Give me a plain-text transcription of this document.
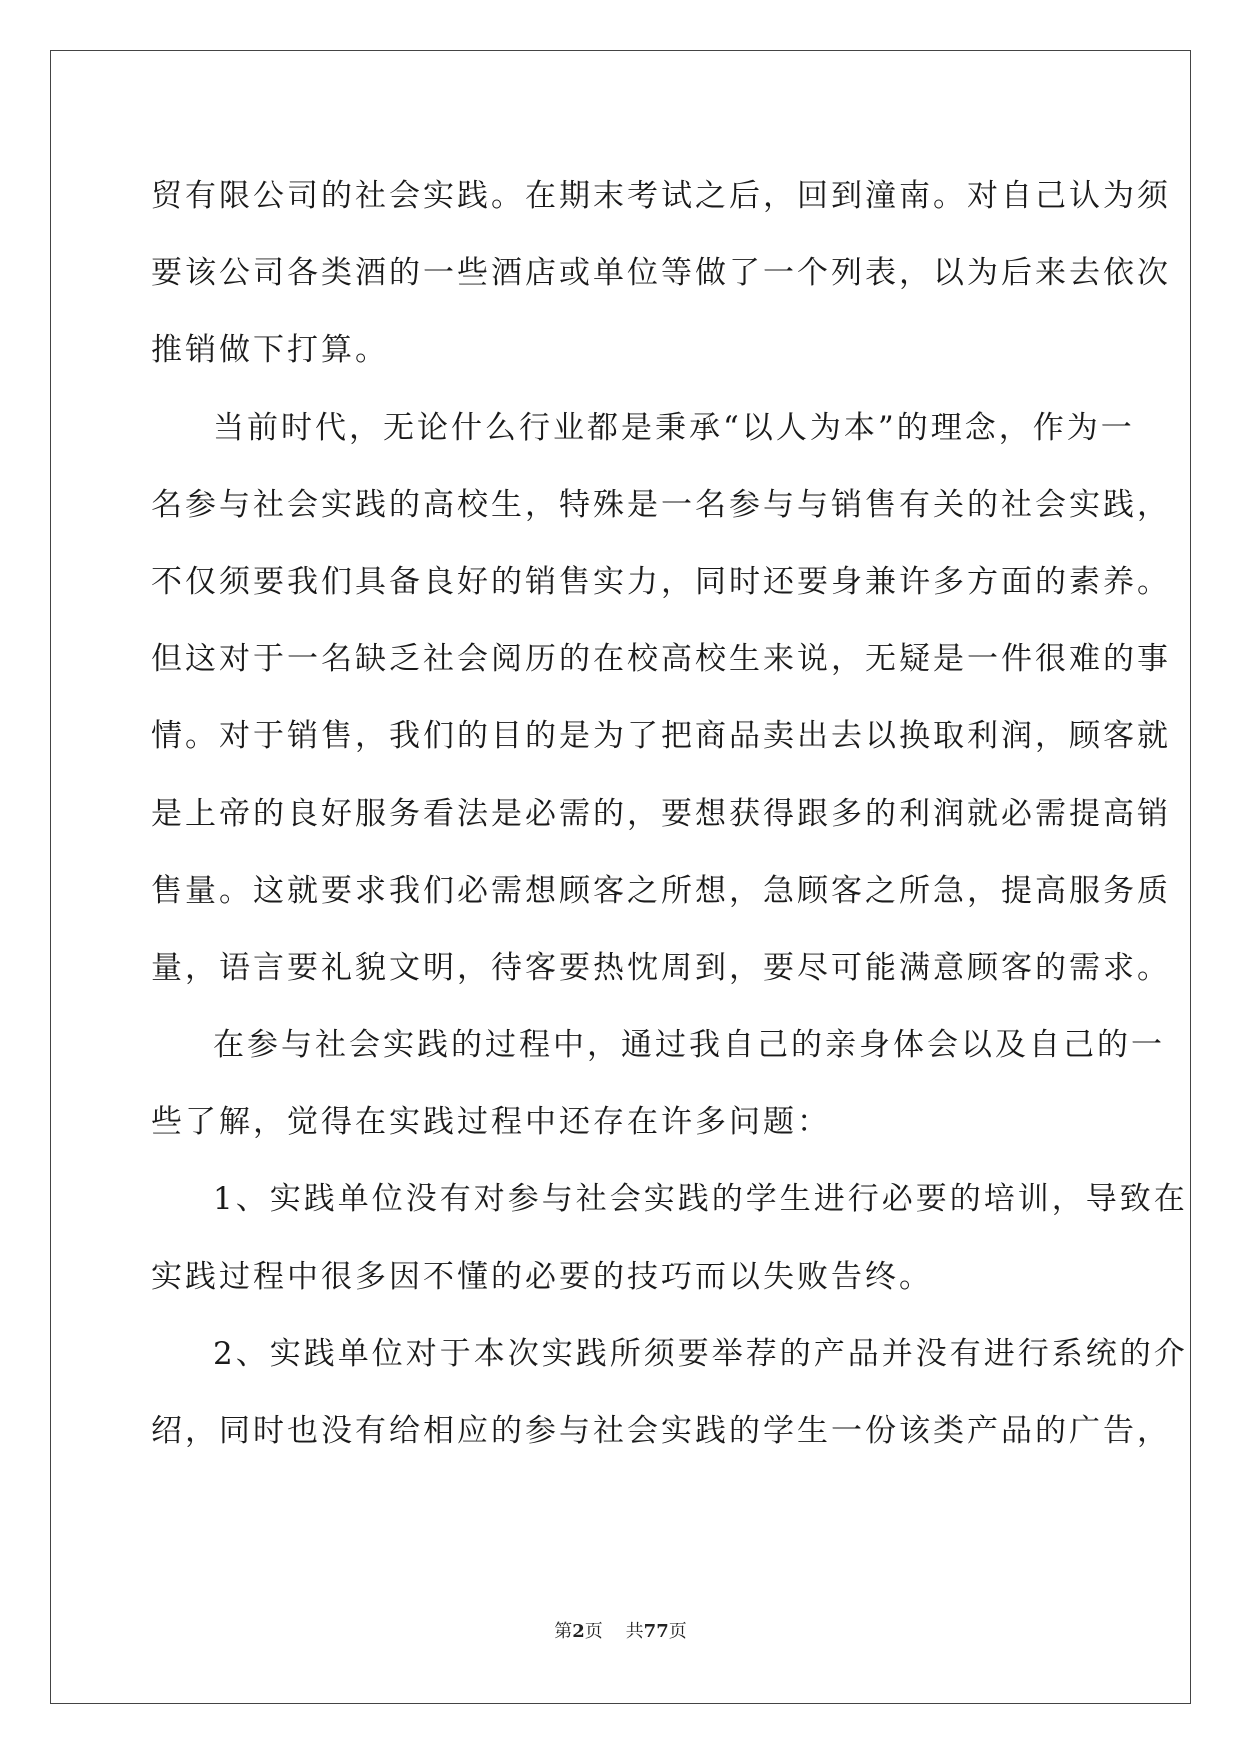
贸有限公司的社会实践。在期末考试之后，回到潼南。对自己认为须
要该公司各类酒的一些酒店或单位等做了一个列表，以为后来去依次
推销做下打算。
当前时代，无论什么行业都是秉承“以人为本”的理念，作为一
名参与社会实践的高校生，特殊是一名参与与销售有关的社会实践，
不仅须要我们具备良好的销售实力，同时还要身兼许多方面的素养。
但这对于一名缺乏社会阅历的在校高校生来说，无疑是一件很难的事
情。对于销售，我们的目的是为了把商品卖出去以换取利润，顾客就
是上帝的良好服务看法是必需的，要想获得跟多的利润就必需提高销
售量。这就要求我们必需想顾客之所想，急顾客之所急，提高服务质
量，语言要礼貌文明，待客要热忱周到，要尽可能满意顾客的需求。
在参与社会实践的过程中，通过我自己的亲身体会以及自己的一
些了解，觉得在实践过程中还存在许多问题：
1、实践单位没有对参与社会实践的学生进行必要的培训，导致在
实践过程中很多因不懂的必要的技巧而以失败告终。
2、实践单位对于本次实践所须要举荐的产品并没有进行系统的介
绍，同时也没有给相应的参与社会实践的学生一份该类产品的广告，
第2页 共77页
